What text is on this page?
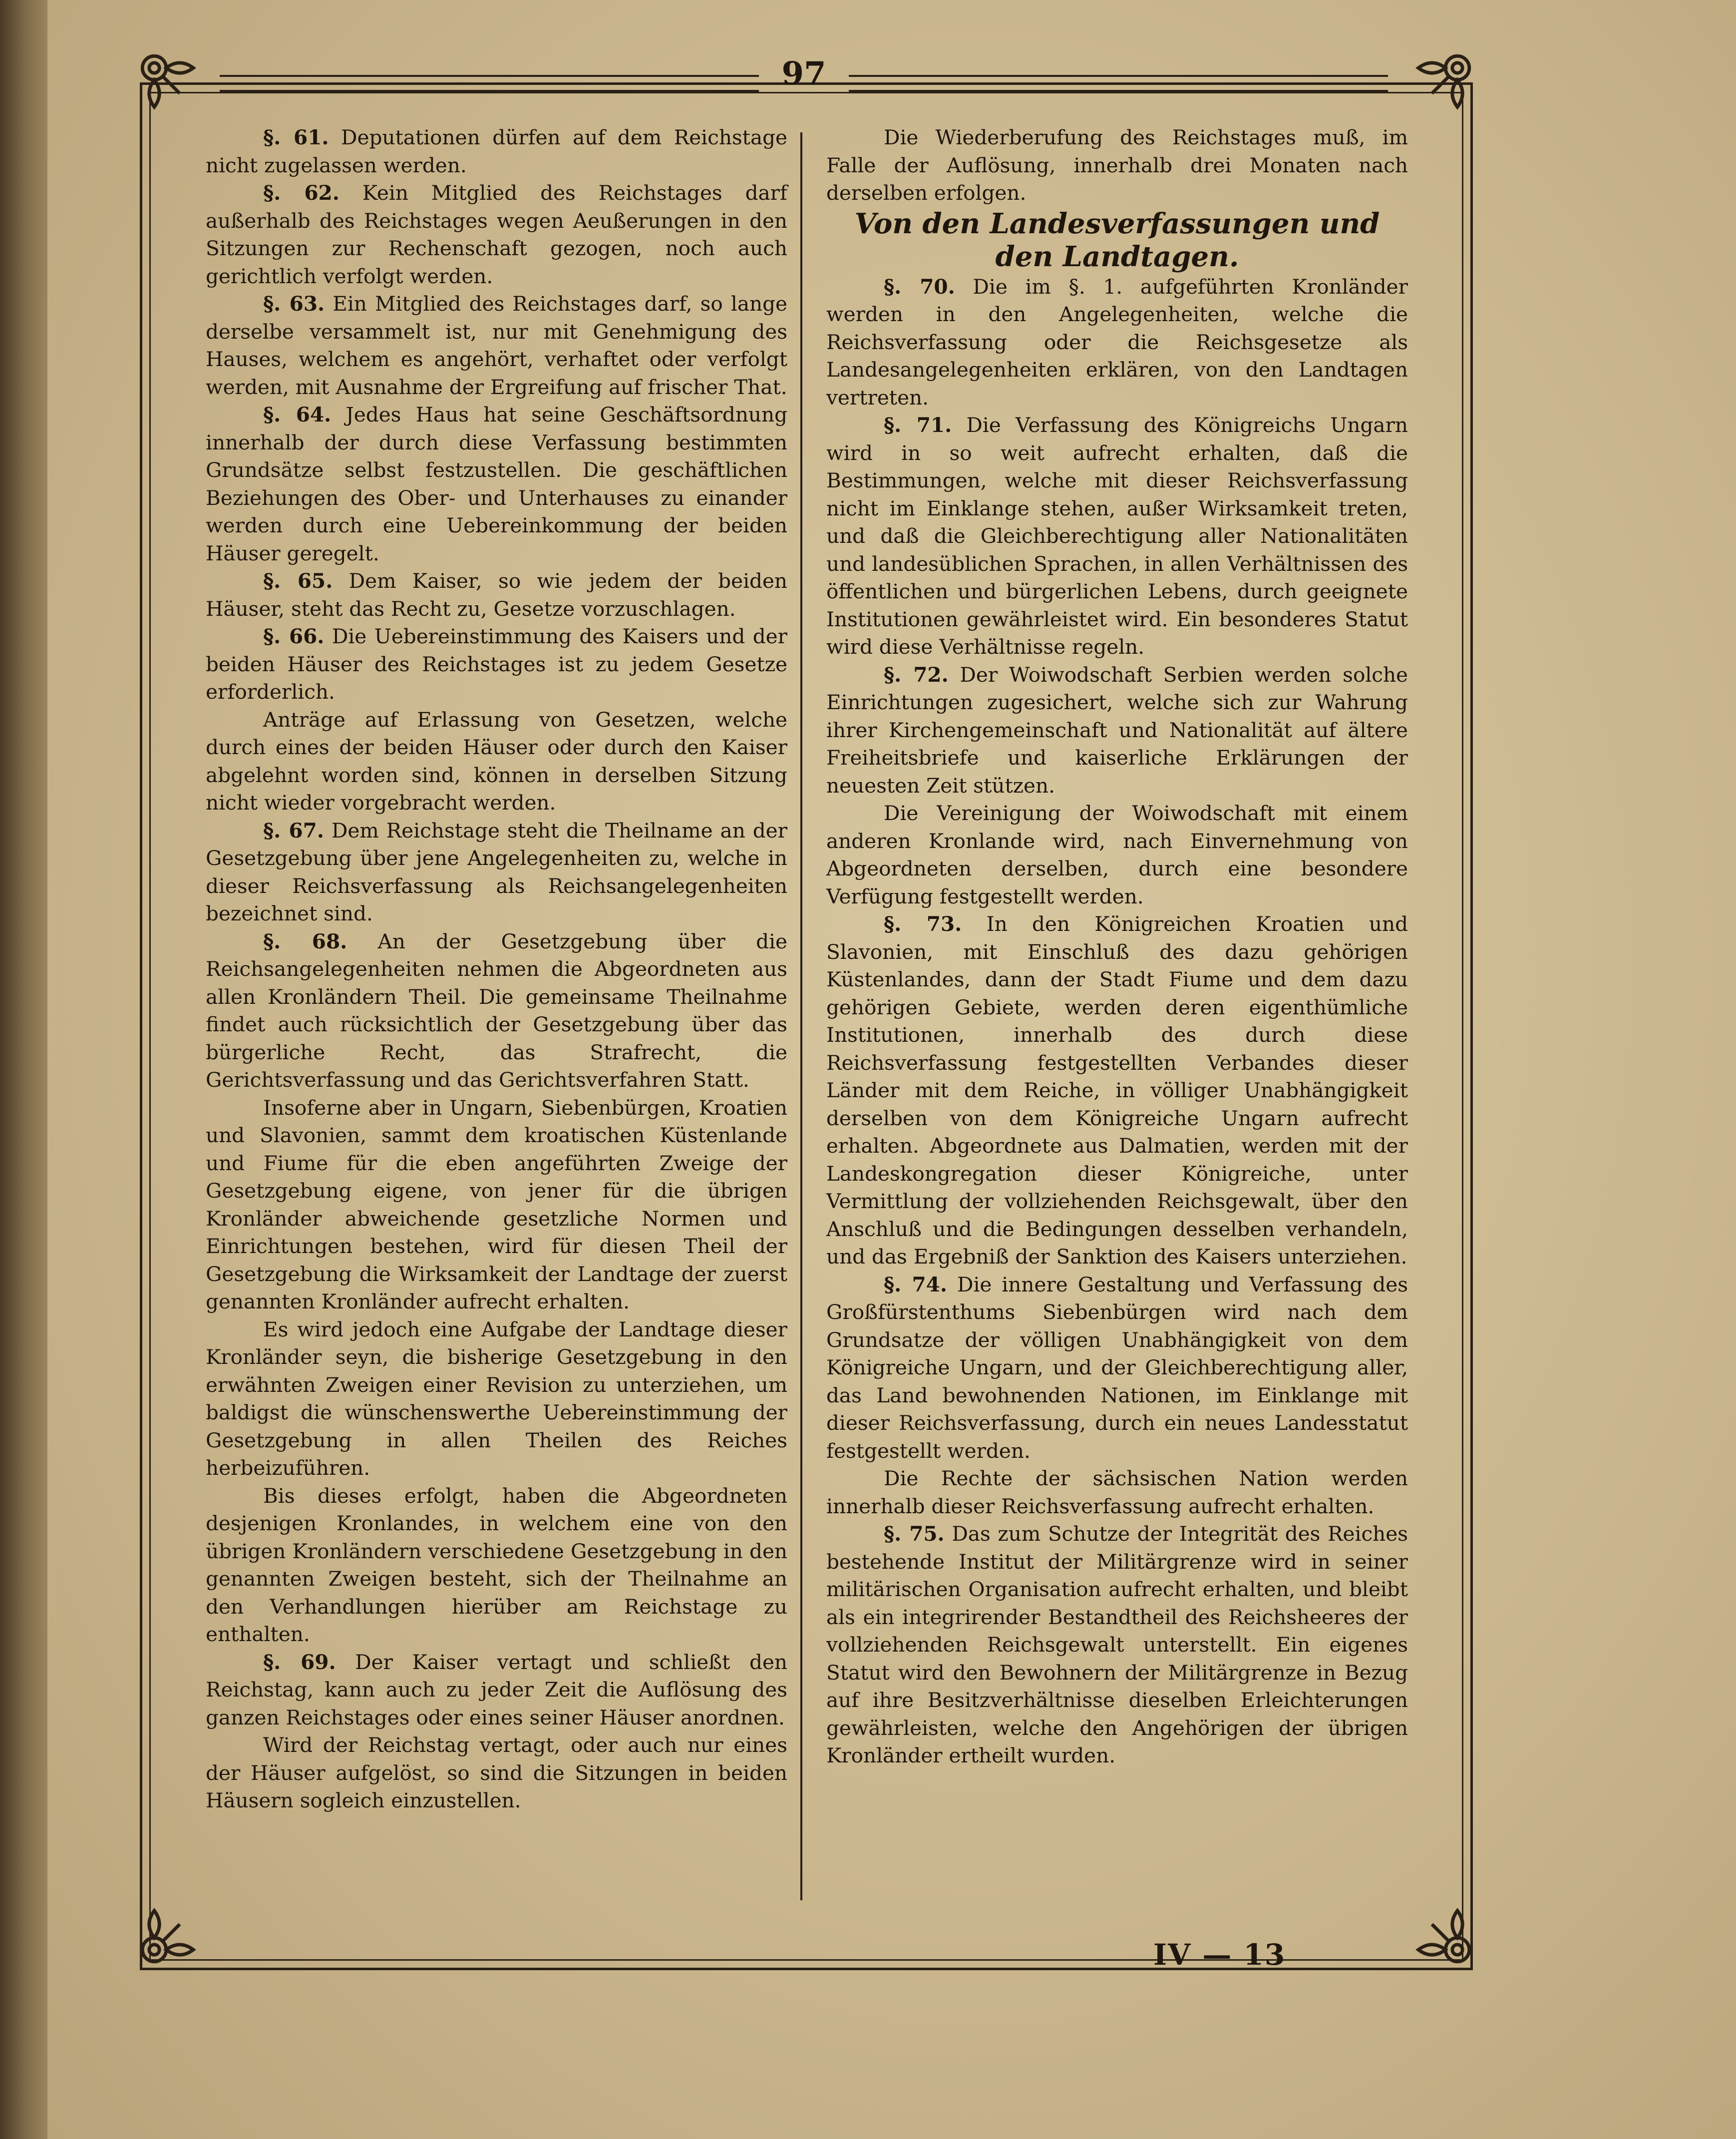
97

§. 61. Deputationen dürfen auf dem Reichstage nicht zugelassen werden.

§. 62. Kein Mitglied des Reichstages darf außerhalb des Reichstages wegen Aeußerungen in den Sitzungen zur Rechenschaft gezogen, noch auch gerichtlich verfolgt werden.

§. 63. Ein Mitglied des Reichstages darf, so lange derselbe versammelt ist, nur mit Genehmigung des Hauses, welchem es angehört, verhaftet oder verfolgt werden, mit Ausnahme der Ergreifung auf frischer That.

§. 64. Jedes Haus hat seine Geschäftsordnung innerhalb der durch diese Verfassung bestimmten Grundsätze selbst festzustellen. Die geschäftlichen Beziehungen des Ober- und Unterhauses zu einander werden durch eine Uebereinkommung der beiden Häuser geregelt.

§. 65. Dem Kaiser, so wie jedem der beiden Häuser, steht das Recht zu, Gesetze vorzuschlagen.

§. 66. Die Uebereinstimmung des Kaisers und der beiden Häuser des Reichstages ist zu jedem Gesetze erforderlich.

Anträge auf Erlassung von Gesetzen, welche durch eines der beiden Häuser oder durch den Kaiser abgelehnt worden sind, können in derselben Sitzung nicht wieder vorgebracht werden.

§. 67. Dem Reichstage steht die Theilname an der Gesetzgebung über jene Angelegenheiten zu, welche in dieser Reichsverfassung als Reichsangelegenheiten bezeichnet sind.

§. 68. An der Gesetzgebung über die Reichsangelegenheiten nehmen die Abgeordneten aus allen Kronländern Theil. Die gemeinsame Theilnahme findet auch rücksichtlich der Gesetzgebung über das bürgerliche Recht, das Strafrecht, die Gerichtsverfassung und das Gerichtsverfahren Statt.

Insoferne aber in Ungarn, Siebenbürgen, Kroatien und Slavonien, sammt dem kroatischen Küstenlande und Fiume für die eben angeführten Zweige der Gesetzgebung eigene, von jener für die übrigen Kronländer abweichende gesetzliche Normen und Einrichtungen bestehen, wird für diesen Theil der Gesetzgebung die Wirksamkeit der Landtage der zuerst genannten Kronländer aufrecht erhalten.

Es wird jedoch eine Aufgabe der Landtage dieser Kronländer seyn, die bisherige Gesetzgebung in den erwähnten Zweigen einer Revision zu unterziehen, um baldigst die wünschenswerthe Uebereinstimmung der Gesetzgebung in allen Theilen des Reiches herbeizuführen.

Bis dieses erfolgt, haben die Abgeordneten desjenigen Kronlandes, in welchem eine von den übrigen Kronländern verschiedene Gesetzgebung in den genannten Zweigen besteht, sich der Theilnahme an den Verhandlungen hierüber am Reichstage zu enthalten.

§. 69. Der Kaiser vertagt und schließt den Reichstag, kann auch zu jeder Zeit die Auflösung des ganzen Reichstages oder eines seiner Häuser anordnen.

Wird der Reichstag vertagt, oder auch nur eines der Häuser aufgelöst, so sind die Sitzungen in beiden Häusern sogleich einzustellen.

Die Wiederberufung des Reichstages muß, im Falle der Auflösung, innerhalb drei Monaten nach derselben erfolgen.

Von den Landesverfassungen und den Landtagen.

§. 70. Die im §. 1. aufgeführten Kronländer werden in den Angelegenheiten, welche die Reichsverfassung oder die Reichsgesetze als Landesangelegenheiten erklären, von den Landtagen vertreten.

§. 71. Die Verfassung des Königreichs Ungarn wird in so weit aufrecht erhalten, daß die Bestimmungen, welche mit dieser Reichsverfassung nicht im Einklange stehen, außer Wirksamkeit treten, und daß die Gleichberechtigung aller Nationalitäten und landesüblichen Sprachen, in allen Verhältnissen des öffentlichen und bürgerlichen Lebens, durch geeignete Institutionen gewährleistet wird. Ein besonderes Statut wird diese Verhältnisse regeln.

§. 72. Der Woiwodschaft Serbien werden solche Einrichtungen zugesichert, welche sich zur Wahrung ihrer Kirchengemeinschaft und Nationalität auf ältere Freiheitsbriefe und kaiserliche Erklärungen der neuesten Zeit stützen.

Die Vereinigung der Woiwodschaft mit einem anderen Kronlande wird, nach Einvernehmung von Abgeordneten derselben, durch eine besondere Verfügung festgestellt werden.

§. 73. In den Königreichen Kroatien und Slavonien, mit Einschluß des dazu gehörigen Küstenlandes, dann der Stadt Fiume und dem dazu gehörigen Gebiete, werden deren eigenthümliche Institutionen, innerhalb des durch diese Reichsverfassung festgestellten Verbandes dieser Länder mit dem Reiche, in völliger Unabhängigkeit derselben von dem Königreiche Ungarn aufrecht erhalten. Abgeordnete aus Dalmatien, werden mit der Landeskongregation dieser Königreiche, unter Vermittlung der vollziehenden Reichsgewalt, über den Anschluß und die Bedingungen desselben verhandeln, und das Ergebniß der Sanktion des Kaisers unterziehen.

§. 74. Die innere Gestaltung und Verfassung des Großfürstenthums Siebenbürgen wird nach dem Grundsatze der völligen Unabhängigkeit von dem Königreiche Ungarn, und der Gleichberechtigung aller, das Land bewohnenden Nationen, im Einklange mit dieser Reichsverfassung, durch ein neues Landesstatut festgestellt werden.

Die Rechte der sächsischen Nation werden innerhalb dieser Reichsverfassung aufrecht erhalten.

§. 75. Das zum Schutze der Integrität des Reiches bestehende Institut der Militärgrenze wird in seiner militärischen Organisation aufrecht erhalten, und bleibt als ein integrirender Bestandtheil des Reichsheeres der vollziehenden Reichsgewalt unterstellt. Ein eigenes Statut wird den Bewohnern der Militärgrenze in Bezug auf ihre Besitzverhältnisse dieselben Erleichterungen gewährleisten, welche den Angehörigen der übrigen Kronländer ertheilt wurden.

IV — 13
